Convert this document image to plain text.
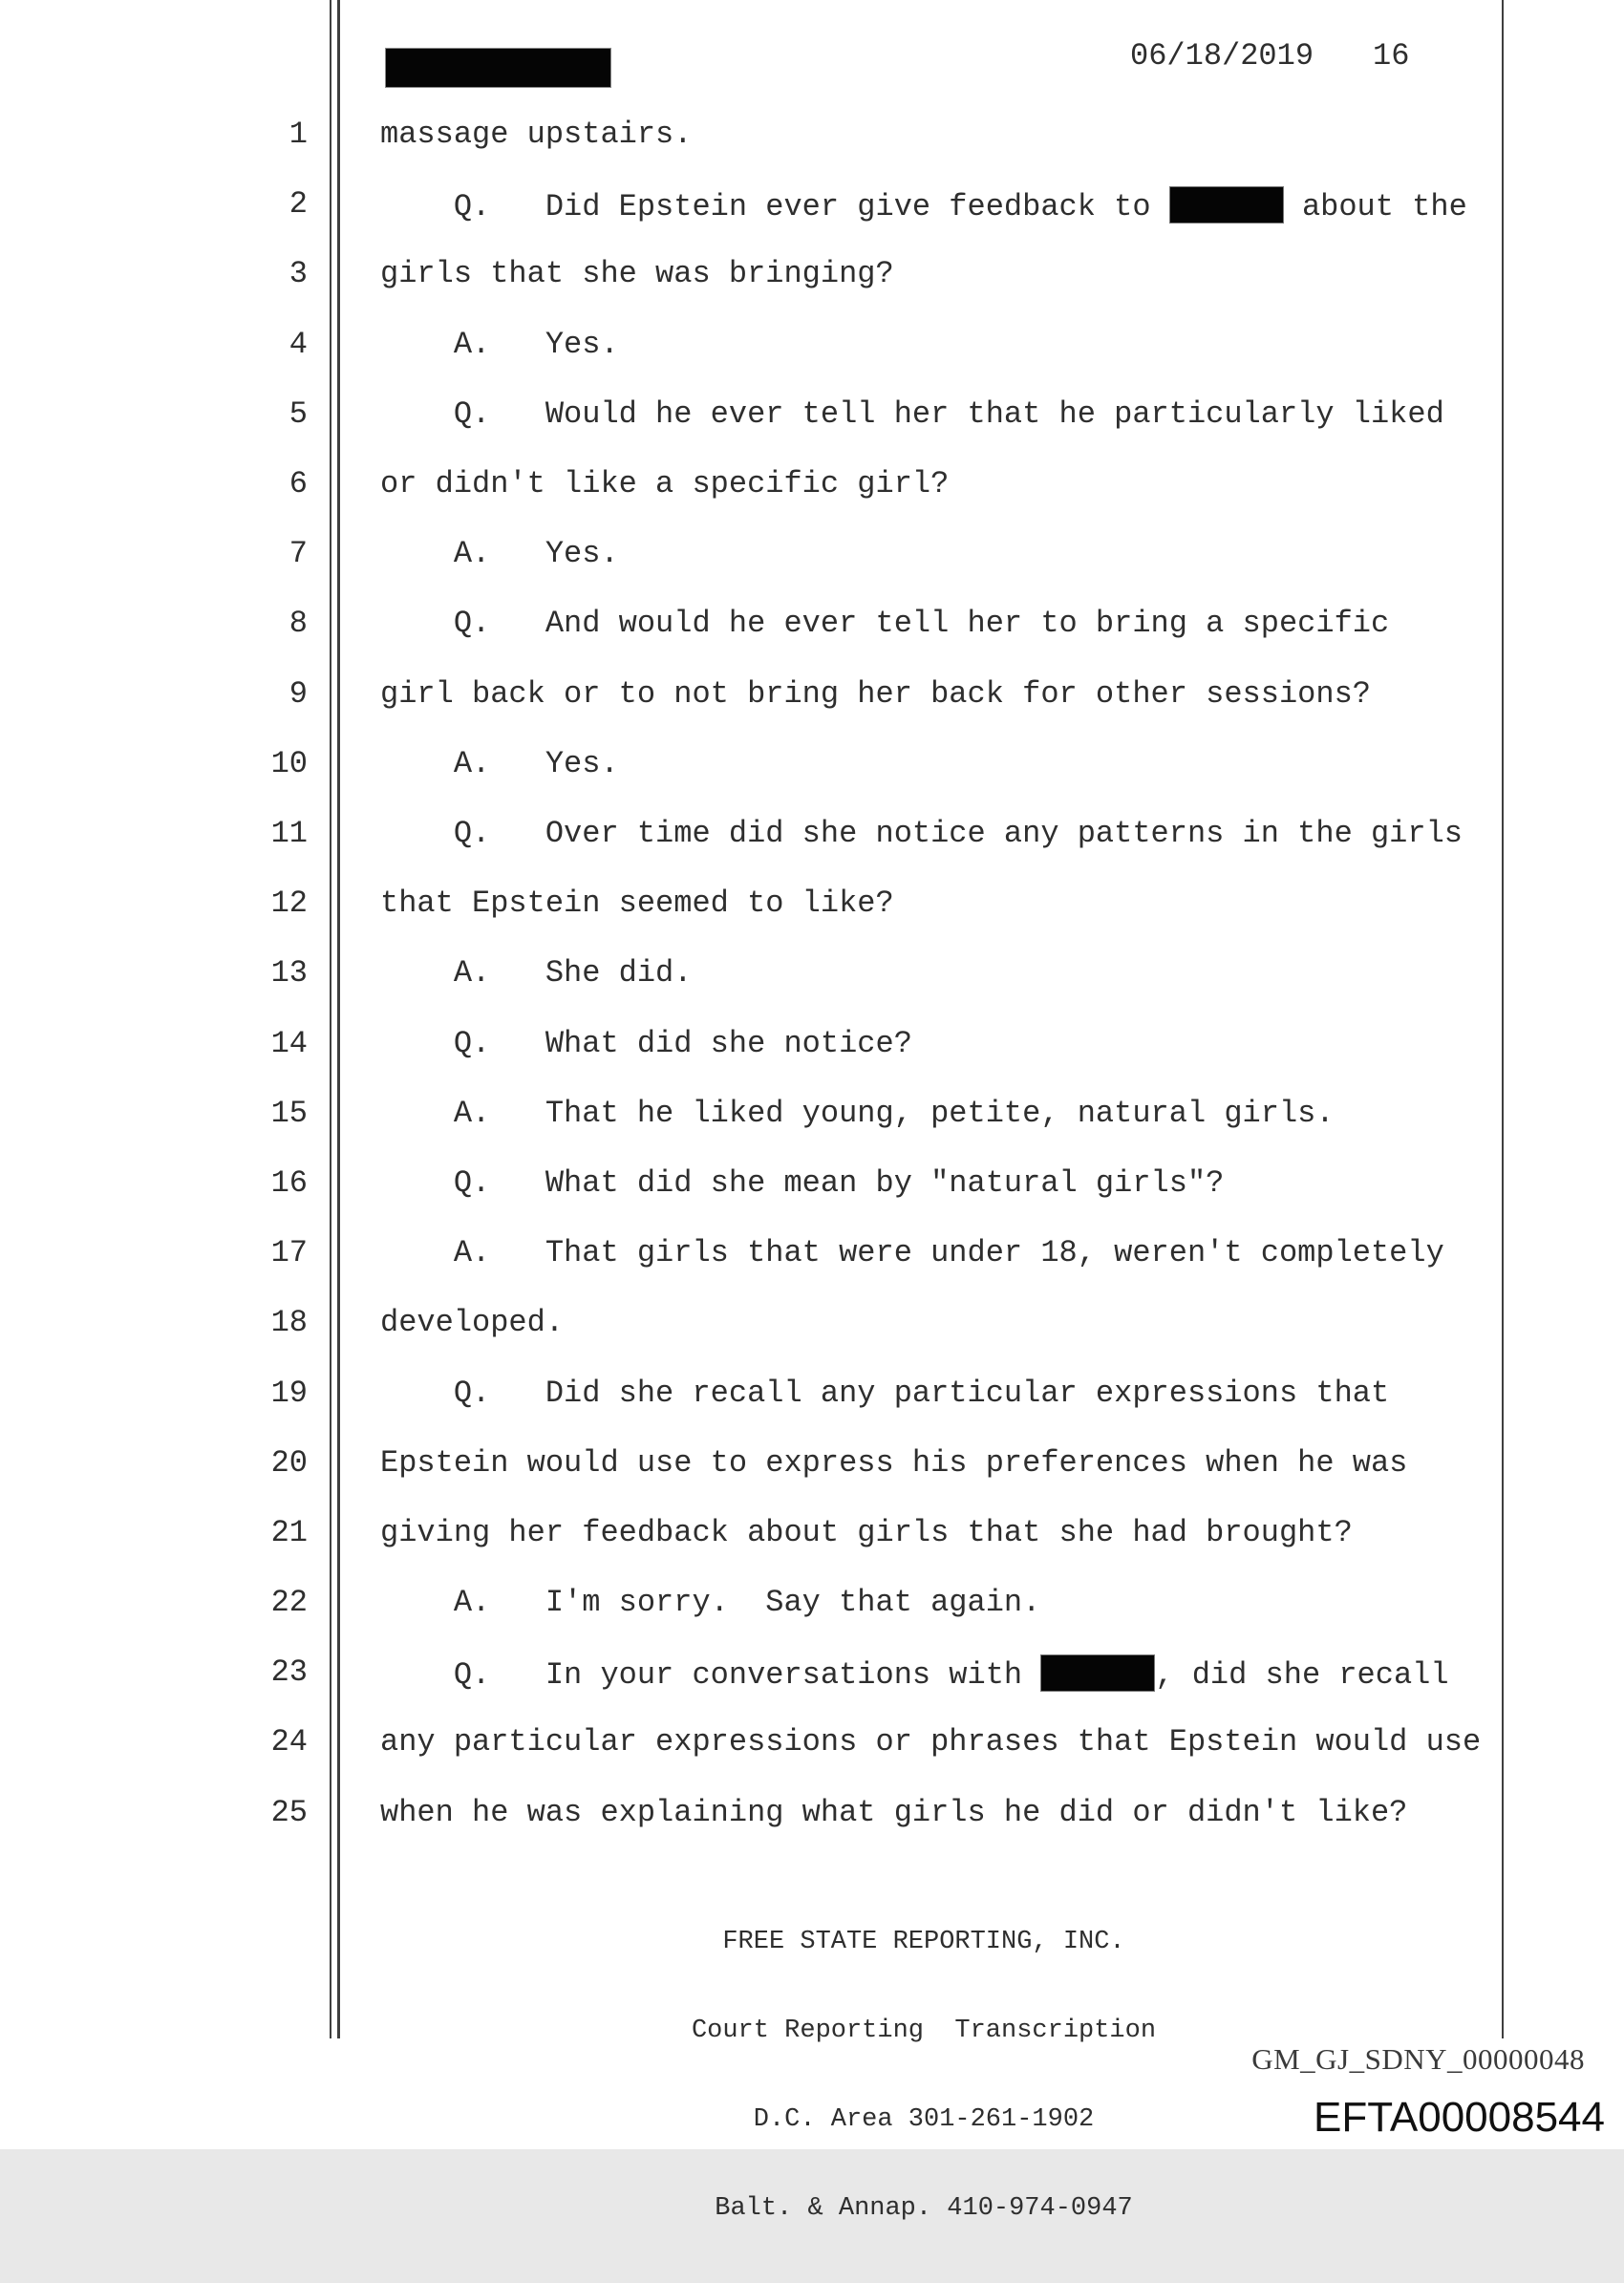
06/18/2019 16
1 massage upstairs.
2 Q.   Did Epstein ever give feedback to	about the
3 girls that she was bringing?
4 A.   Yes.
5 Q.   Would he ever tell her that he particularly liked
6 or didn't like a specific girl?
7 A.   Yes.
8 Q.   And would he ever tell her to bring a specific
9 girl back or to not bring her back for other sessions?
10 A.   Yes.
11 Q.   Over time did she notice any patterns in the girls
12 that Epstein seemed to like?
13 A.   She did.
14 Q.   What did she notice?
15 A.   That he liked young, petite, natural girls.
16 Q.   What did she mean by "natural girls"?
17 A.   That girls that were under 18, weren't completely
18 developed.
19 Q.   Did she recall any particular expressions that
20 Epstein would use to express his preferences when he was
21 giving her feedback about girls that she had brought?
22 A.   I'm sorry.  Say that again.
23 Q.   In your conversations with	, did she recall
24 any particular expressions or phrases that Epstein would use
25 when he was explaining what girls he did or didn't like?

FREE STATE REPORTING, INC.

Court Reporting  Transcription

D.C. Area 301-261-1902

Balt. & Annap. 410-974-0947

GM_GJ_SDNY_00000048
EFTA00008544
